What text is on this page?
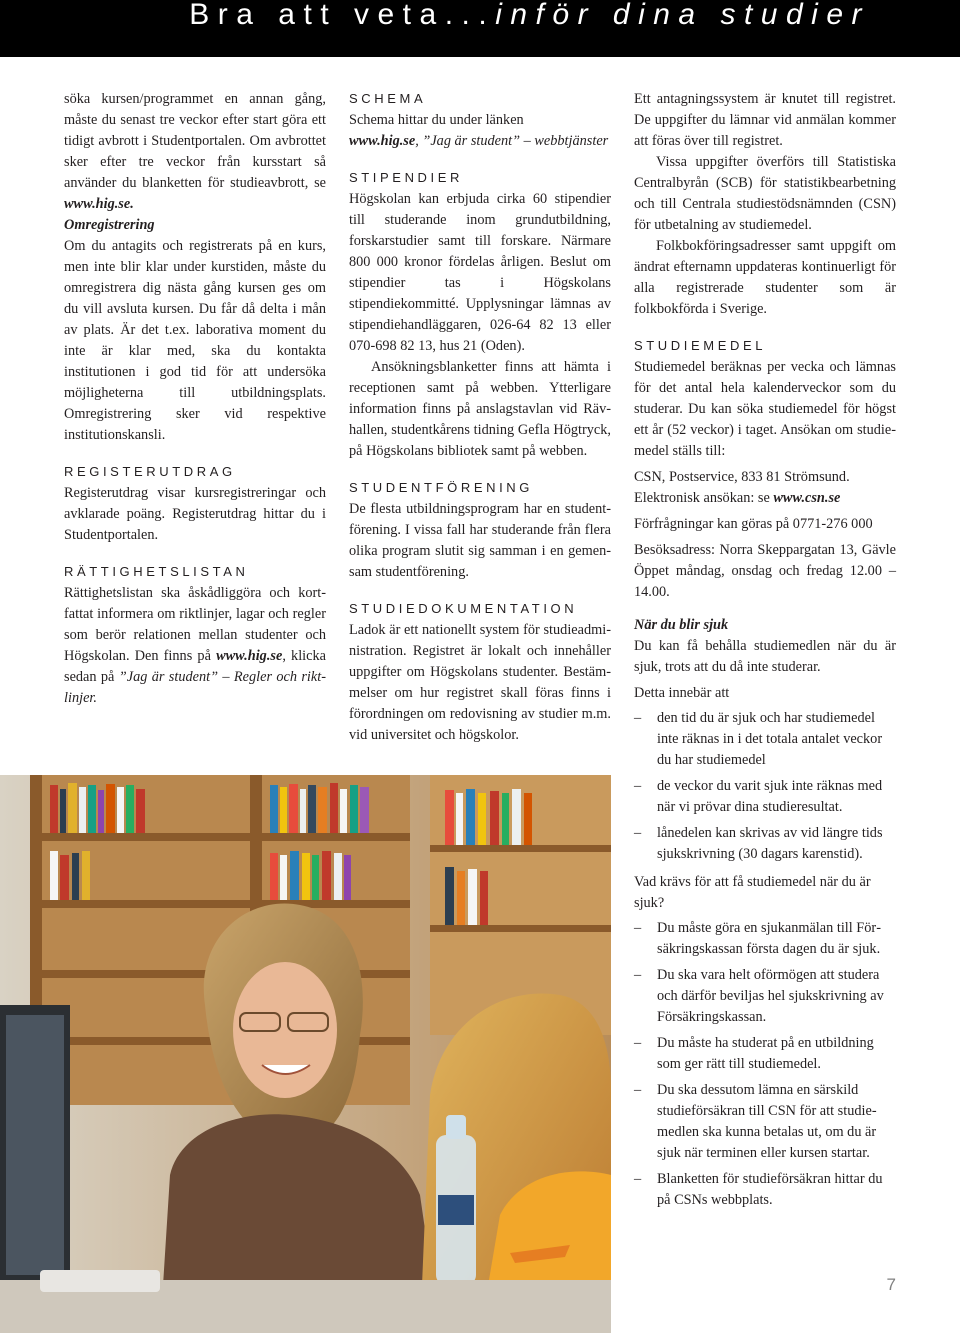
Bra att veta...inför dina studier

söka kursen/programmet en annan gång, måste du senast tre veckor efter start göra ett tidigt avbrott i Studentportalen. Om avbrottet sker efter tre veckor från kursstart så använder du blanketten för studieavbrott, se www.hig.se.

Omregistrering

Om du antagits och registrerats på en kurs, men inte blir klar under kurstiden, måste du omregistrera dig nästa gång kursen ges om du vill avsluta kursen. Du får då delta i mån av plats. Är det t.ex. laborativa moment du inte är klar med, ska du kontakta institutionen i god tid för att undersöka möjligheterna till utbildningsplats. Omregistrering sker vid respektive institutionskansli.

REGISTERUTDRAG

Registerutdrag visar kursregistreringar och avklarade poäng. Registerutdrag hittar du i Studentportalen.

RÄTTIGHETSLISTAN

Rättighetslistan ska åskådliggöra och kortfattat informera om riktlinjer, lagar och regler som berör relationen mellan studenter och Högskolan. Den finns på www.hig.se, klicka sedan på ”Jag är student” – Regler och riktlinjer.

SCHEMA

Schema hittar du under länken

www.hig.se, ”Jag är student” – webbtjänster

STIPENDIER

Högskolan kan erbjuda cirka 60 stipendier till studerande inom grundutbildning, forskarstudier samt till forskare. Närmare 800 000 kronor fördelas årligen. Beslut om stipendier tas i Högskolans stipendiekommitté. Upplysningar lämnas av stipendiehandläggaren, 026-64 82 13 eller 070-698 82 13, hus 21 (Oden).

Ansökningsblanketter finns att hämta i receptionen samt på webben. Ytterligare information finns på anslagstavlan vid Rävhallen, studentkårens tidning Gefla Högtryck, på Högskolans bibliotek samt på webben.

STUDENTFÖRENING

De flesta utbildningsprogram har en studentförening. I vissa fall har studerande från flera olika program slutit sig samman i en gemensam studentförening.

STUDIEDOKUMENTATION

Ladok är ett nationellt system för studieadministration. Registret är lokalt och innehåller uppgifter om Högskolans studenter. Bestämmelser om hur registret skall föras finns i förordningen om redovisning av studier m.m. vid universitet och högskolor.

Ett antagningssystem är knutet till registret. De uppgifter du lämnar vid anmälan kommer att föras över till registret.

Vissa uppgifter överförs till Statistiska Centralbyrån (SCB) för statistikbearbetning och till Centrala studiestödsnämnden (CSN) för utbetalning av studiemedel.

Folkbokföringsadresser samt uppgift om ändrat efternamn uppdateras kontinuerligt för alla registrerade studenter som är folkbokförda i Sverige.

STUDIEMEDEL

Studiemedel beräknas per vecka och lämnas för det antal hela kalenderveckor som du studerar. Du kan söka studiemedel för högst ett år (52 veckor) i taget. Ansökan om studiemedel ställs till:

CSN, Postservice, 833 81 Strömsund.

Elektronisk ansökan: se www.csn.se

Förfrågningar kan göras på 0771-276 000

Besöksadress: Norra Skeppargatan 13, Gävle Öppet måndag, onsdag och fredag 12.00 – 14.00.

När du blir sjuk

Du kan få behålla studiemedlen när du är sjuk, trots att du då inte studerar.

Detta innebär att

– den tid du är sjuk och har studiemedel inte räknas in i det totala antalet veckor du har studiemedel
– de veckor du varit sjuk inte räknas med när vi prövar dina studieresultat.
– lånedelen kan skrivas av vid längre tids sjukskrivning (30 dagars karenstid).

Vad krävs för att få studiemedel när du är sjuk?

– Du måste göra en sjukanmälan till Försäkringskassan första dagen du är sjuk.
– Du ska vara helt oförmögen att studera och därför beviljas hel sjukskrivning av Försäkringskassan.
– Du måste ha studerat på en utbildning som ger rätt till studiemedel.
– Du ska dessutom lämna en särskild studieförsäkran till CSN för att studiemedlen ska kunna betalas ut, om du är sjuk när terminen eller kursen startar.
– Blanketten för studieförsäkran hittar du på CSNs webbplats.
7
